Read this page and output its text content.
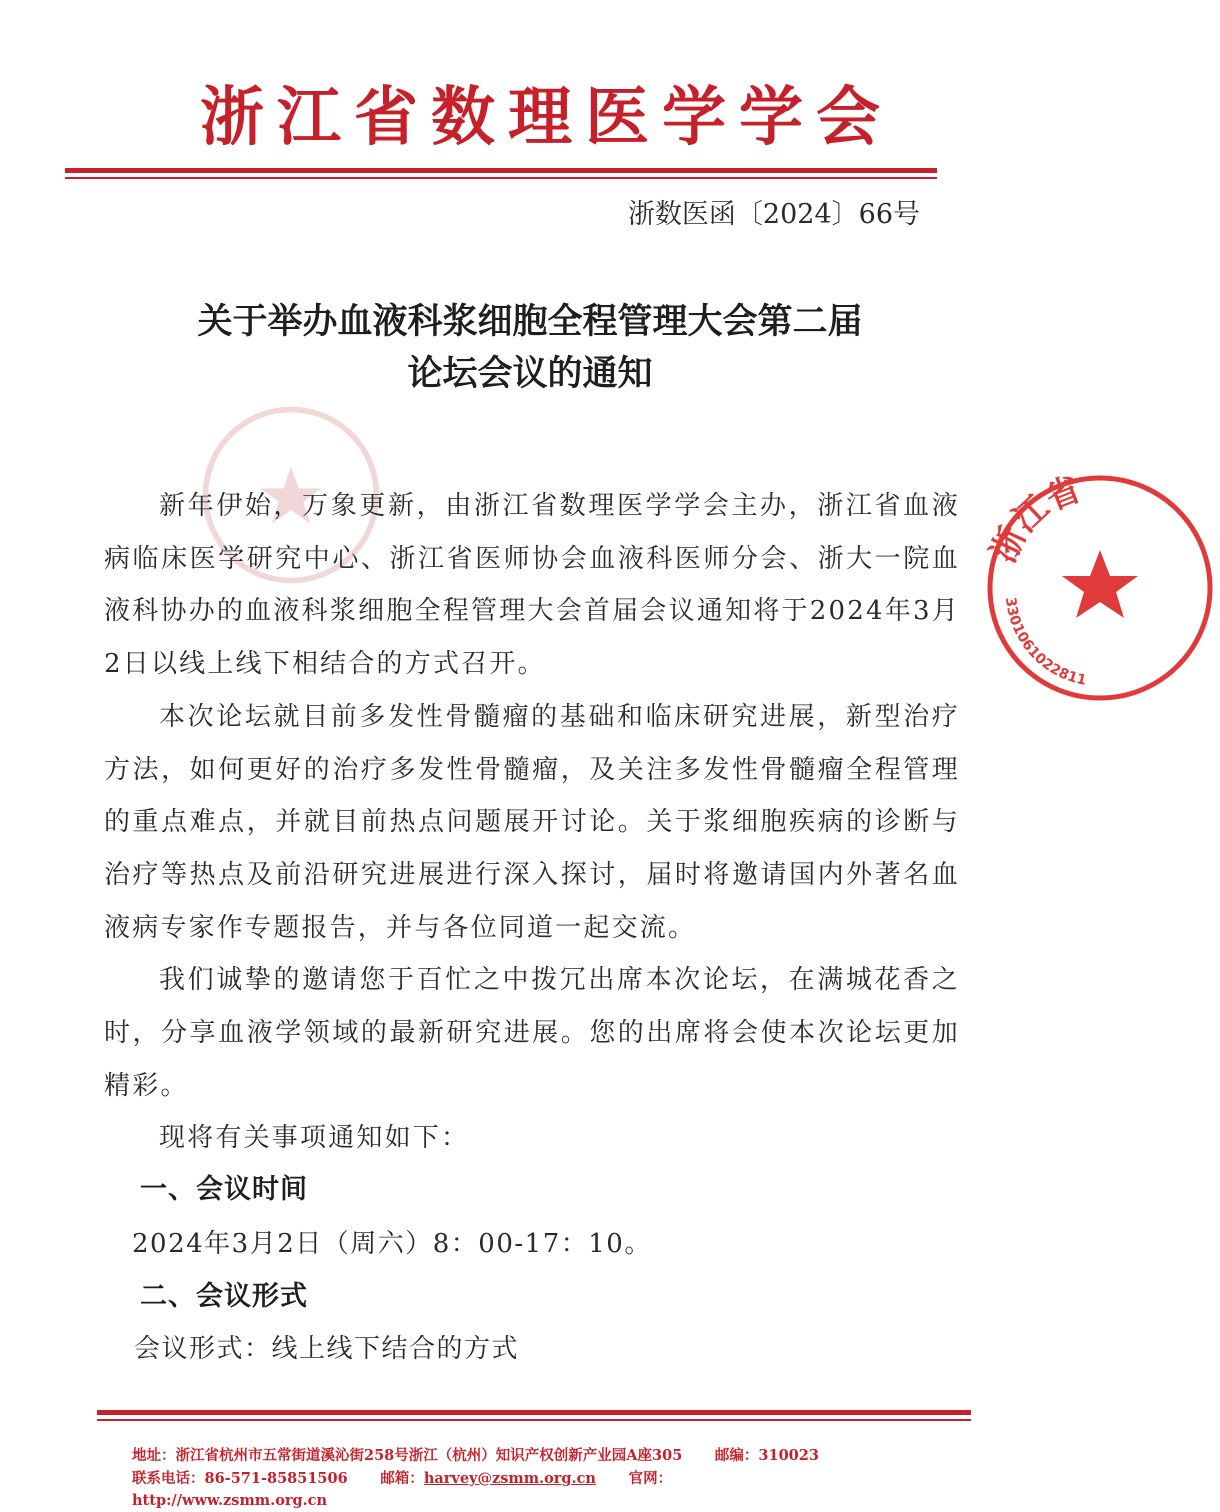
浙 江 省 数 理 医 学 学 会
浙数医函〔2024〕66号
关于举办血液科浆细胞全程管理大会第二届
论坛会议的通知

新年伊始，万象更新，由浙江省数理医学学会主办，浙江省血液病临床医学研究中心、浙江省医师协会血液科医师分会、浙大一院血液科协办的血液科浆细胞全程管理大会首届会议通知将于2024年3月2日以线上线下相结合的方式召开。

本次论坛就目前多发性骨髓瘤的基础和临床研究进展，新型治疗方法，如何更好的治疗多发性骨髓瘤，及关注多发性骨髓瘤全程管理的重点难点，并就目前热点问题展开讨论。关于浆细胞疾病的诊断与治疗等热点及前沿研究进展进行深入探讨，届时将邀请国内外著名血液病专家作专题报告，并与各位同道一起交流。

我们诚挚的邀请您于百忙之中拨冗出席本次论坛，在满城花香之时，分享血液学领域的最新研究进展。您的出席将会使本次论坛更加精彩。

现将有关事项通知如下：

一、会议时间
2024年3月2日（周六）8：00-17：10。
二、会议形式
会议形式：线上线下结合的方式
地址：浙江省杭州市五常街道溪沁街258号浙江（杭州）知识产权创新产业园A座305 邮编：310023
联系电话：86-571-85851506 邮箱：harvey@zsmm.org.cn 官网：http://www.zsmm.org.cn
浙江省
3301061022811
